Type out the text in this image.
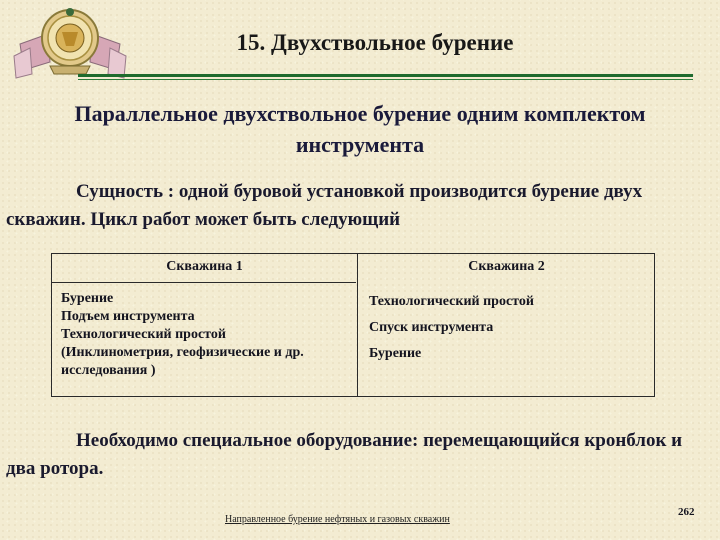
15. Двухствольное бурение
Параллельное двухствольное бурение одним комплектом инструмента
Сущность : одной буровой установкой производится бурение двух скважин. Цикл работ может быть следующий
Скважина 1	Скважина 2
Бурение
Подъем инструмента
Технологический простой
(Инклинометрия, геофизические и др. исследования )
Технологический простой
Спуск инструмента
Бурение
Необходимо специальное оборудование: перемещающийся кронблок и два ротора.
Направленное бурение нефтяных и газовых скважин
262
